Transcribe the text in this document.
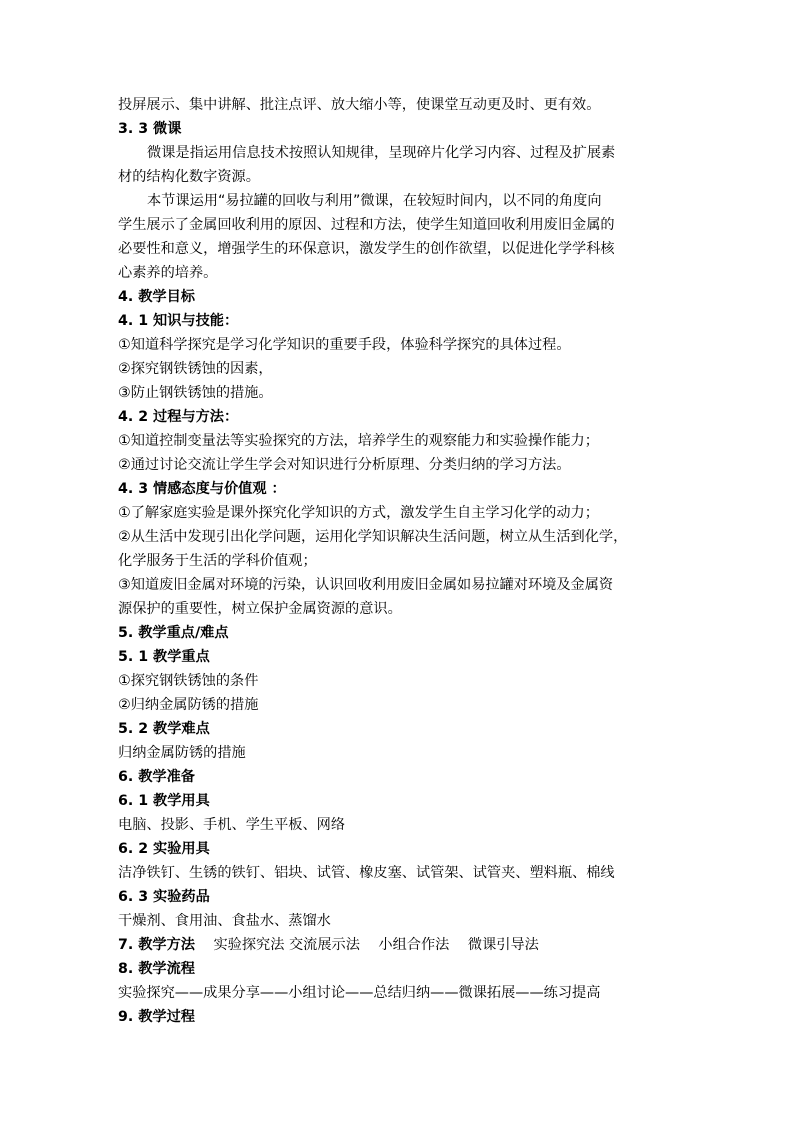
投屏展示、集中讲解、批注点评、放大缩小等，使课堂互动更及时、更有效。
3. 3 微课
微课是指运用信息技术按照认知规律，呈现碎片化学习内容、过程及扩展素
材的结构化数字资源。
本节课运用“易拉罐的回收与利用”微课，在较短时间内，以不同的角度向
学生展示了金属回收利用的原因、过程和方法，使学生知道回收利用废旧金属的
必要性和意义，增强学生的环保意识，激发学生的创作欲望，以促进化学学科核
心素养的培养。
4. 教学目标
4. 1 知识与技能：
①知道科学探究是学习化学知识的重要手段，体验科学探究的具体过程。
②探究钢铁锈蚀的因素，
③防止钢铁锈蚀的措施。
4. 2 过程与方法：
①知道控制变量法等实验探究的方法，培养学生的观察能力和实验操作能力；
②通过讨论交流让学生学会对知识进行分析原理、分类归纳的学习方法。
4. 3 情感态度与价值观 ：
①了解家庭实验是课外探究化学知识的方式，激发学生自主学习化学的动力；
②从生活中发现引出化学问题，运用化学知识解决生活问题，树立从生活到化学，
化学服务于生活的学科价值观；
③知道废旧金属对环境的污染，认识回收利用废旧金属如易拉罐对环境及金属资
源保护的重要性，树立保护金属资源的意识。
5. 教学重点/难点
5. 1 教学重点
①探究钢铁锈蚀的条件
②归纳金属防锈的措施
5. 2 教学难点
归纳金属防锈的措施
6. 教学准备
6. 1 教学用具
电脑、投影、手机、学生平板、网络
6. 2 实验用具
洁净铁钉、生锈的铁钉、铝块、试管、橡皮塞、试管架、试管夹、塑料瓶、棉线
6. 3 实验药品
干燥剂、食用油、食盐水、蒸馏水
7. 教学方法 实验探究法 交流展示法 小组合作法 微课引导法
8. 教学流程
实验探究——成果分享——小组讨论——总结归纳——微课拓展——练习提高
9. 教学过程
